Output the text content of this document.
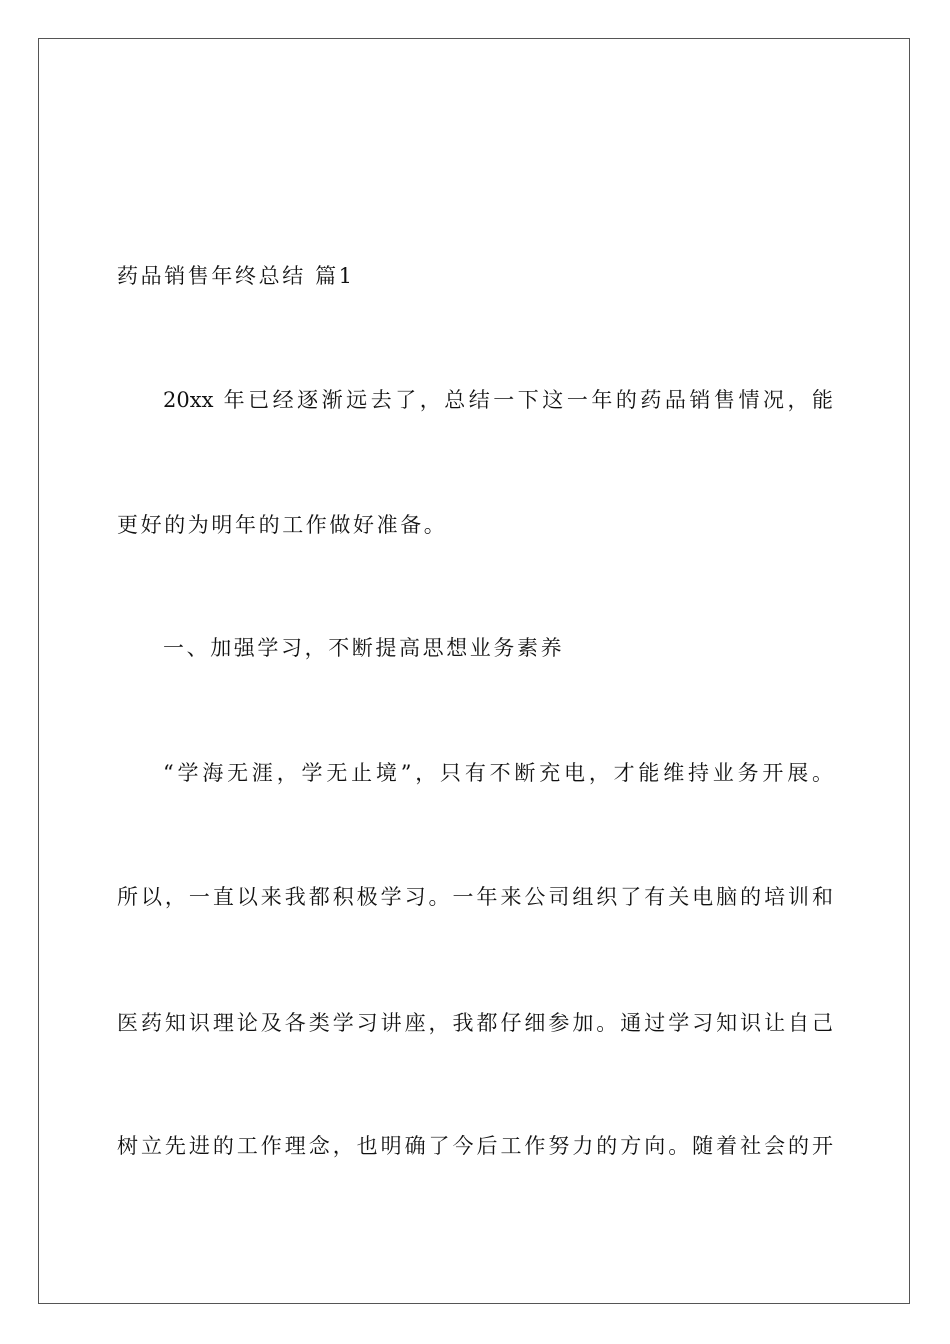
药品销售年终总结 篇1
20xx 年已经逐渐远去了，总结一下这一年的药品销售情况，能
更好的为明年的工作做好准备。
一、加强学习，不断提高思想业务素养
“学海无涯，学无止境”，只有不断充电，才能维持业务开展。
所以，一直以来我都积极学习。一年来公司组织了有关电脑的培训和
医药知识理论及各类学习讲座，我都仔细参加。通过学习知识让自己
树立先进的工作理念，也明确了今后工作努力的方向。随着社会的开
